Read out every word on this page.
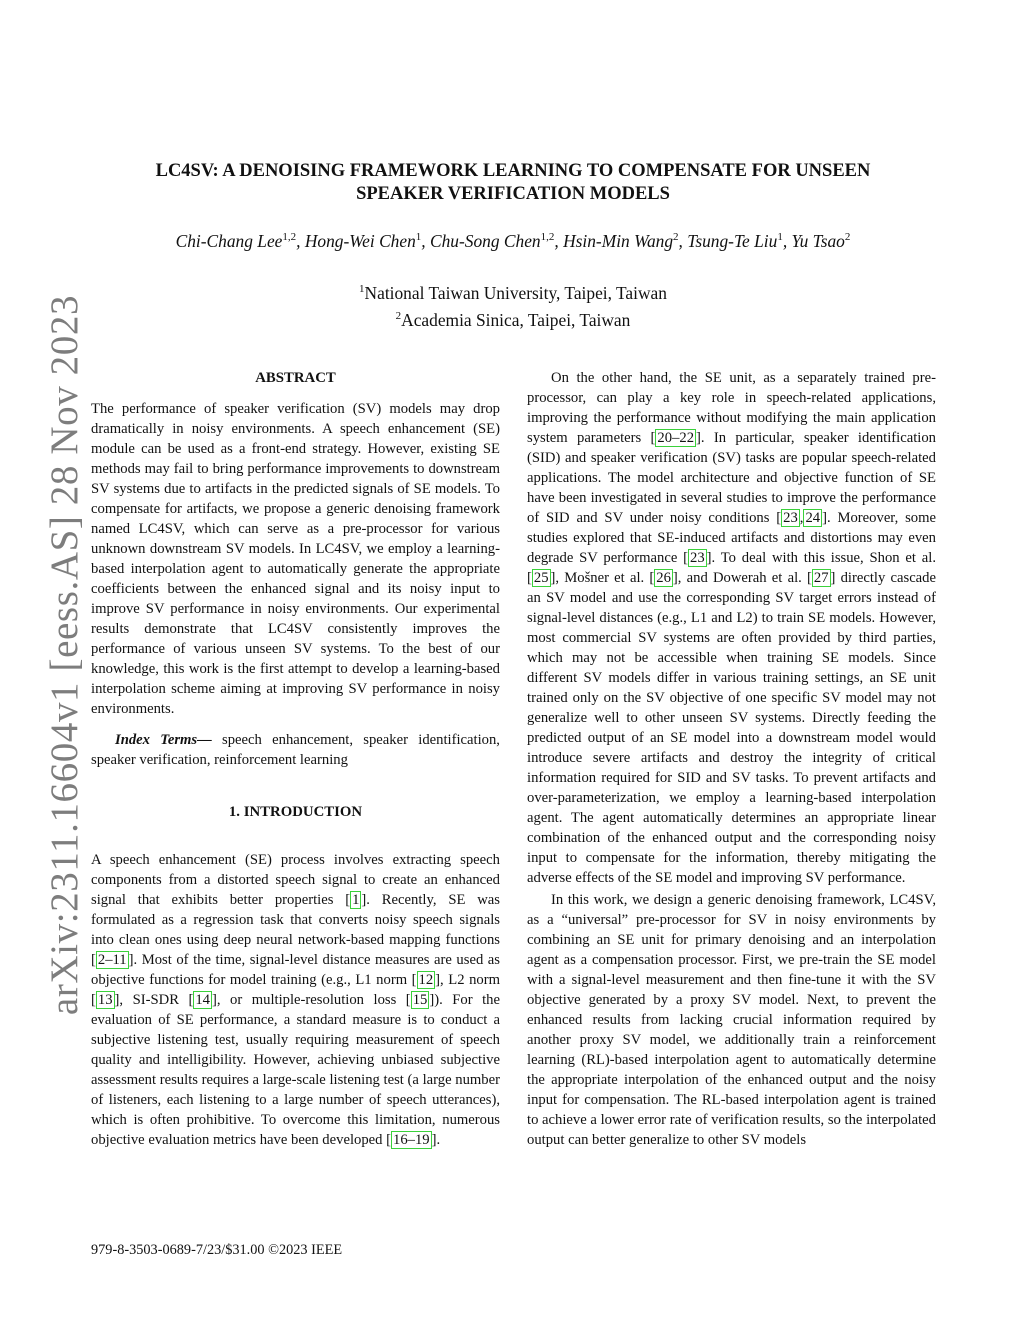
arXiv:2311.16604v1 [eess.AS] 28 Nov 2023
LC4SV: A DENOISING FRAMEWORK LEARNING TO COMPENSATE FOR UNSEEN
SPEAKER VERIFICATION MODELS
Chi-Chang Lee$^{1,2}$, Hong-Wei Chen$^1$, Chu-Song Chen$^{1,2}$, Hsin-Min Wang$^2$, Tsung-Te Liu$^1$, Yu Tsao$^2$
$^1$National Taiwan University, Taipei, Taiwan
$^2$Academia Sinica, Taipei, Taiwan
ABSTRACT

The performance of speaker verification (SV) models may drop dramatically in noisy environments. A speech enhancement (SE) module can be used as a front-end strategy. However, existing SE methods may fail to bring performance improvements to downstream SV systems due to artifacts in the predicted signals of SE models. To compensate for artifacts, we propose a generic denoising framework named LC4SV, which can serve as a pre-processor for various unknown downstream SV models. In LC4SV, we employ a learning-based interpolation agent to automatically generate the appropriate coefficients between the enhanced signal and its noisy input to improve SV performance in noisy environments. Our experimental results demonstrate that LC4SV consistently improves the performance of various unseen SV systems. To the best of our knowledge, this work is the first attempt to develop a learning-based interpolation scheme aiming at improving SV performance in noisy environments.

Index Terms— speech enhancement, speaker identification, speaker verification, reinforcement learning

1. INTRODUCTION

A speech enhancement (SE) process involves extracting speech components from a distorted speech signal to create an enhanced signal that exhibits better properties [ 1 ]. Recently, SE was formulated as a regression task that converts noisy speech signals into clean ones using deep neural network-based mapping functions [ 2–11 ]. Most of the time, signal-level distance measures are used as objective functions for model training (e.g., L1 norm [ 12 ], L2 norm [ 13 ], SI-SDR [ 14 ], or multiple-resolution loss [ 15 ]). For the evaluation of SE performance, a standard measure is to conduct a subjective listening test, usually requiring measurement of speech quality and intelligibility. However, achieving unbiased subjective assessment results requires a large-scale listening test (a large number of listeners, each listening to a large number of speech utterances), which is often prohibitive. To overcome this limitation, numerous objective evaluation metrics have been developed [ 16–19 ].

On the other hand, the SE unit, as a separately trained pre-processor, can play a key role in speech-related applications, improving the performance without modifying the main application system parameters [ 20–22 ]. In particular, speaker identification (SID) and speaker verification (SV) tasks are popular speech-related applications. The model architecture and objective function of SE have been investigated in several studies to improve the performance of SID and SV under noisy conditions [ 23 , 24 ]. Moreover, some studies explored that SE-induced artifacts and distortions may even degrade SV performance [ 23 ]. To deal with this issue, Shon et al. [ 25 ], Mošner et al. [ 26 ], and Dowerah et al. [ 27 ] directly cascade an SV model and use the corresponding SV target errors instead of signal-level distances (e.g., L1 and L2) to train SE models. However, most commercial SV systems are often provided by third parties, which may not be accessible when training SE models. Since different SV models differ in various training settings, an SE unit trained only on the SV objective of one specific SV model may not generalize well to other unseen SV systems. Directly feeding the predicted output of an SE model into a downstream model would introduce severe artifacts and destroy the integrity of critical information required for SID and SV tasks. To prevent artifacts and over-parameterization, we employ a learning-based interpolation agent. The agent automatically determines an appropriate linear combination of the enhanced output and the corresponding noisy input to compensate for the information, thereby mitigating the adverse effects of the SE model and improving SV performance.

In this work, we design a generic denoising framework, LC4SV, as a “universal” pre-processor for SV in noisy environments by combining an SE unit for primary denoising and an interpolation agent as a compensation processor. First, we pre-train the SE model with a signal-level measurement and then fine-tune it with the SV objective generated by a proxy SV model. Next, to prevent the enhanced results from lacking crucial information required by another proxy SV model, we additionally train a reinforcement learning (RL)-based interpolation agent to automatically determine the appropriate interpolation of the enhanced output and the noisy input for compensation. The RL-based interpolation agent is trained to achieve a lower error rate of verification results, so the interpolated output can better generalize to other SV models

979-8-3503-0689-7/23/$31.00 ©2023 IEEE
